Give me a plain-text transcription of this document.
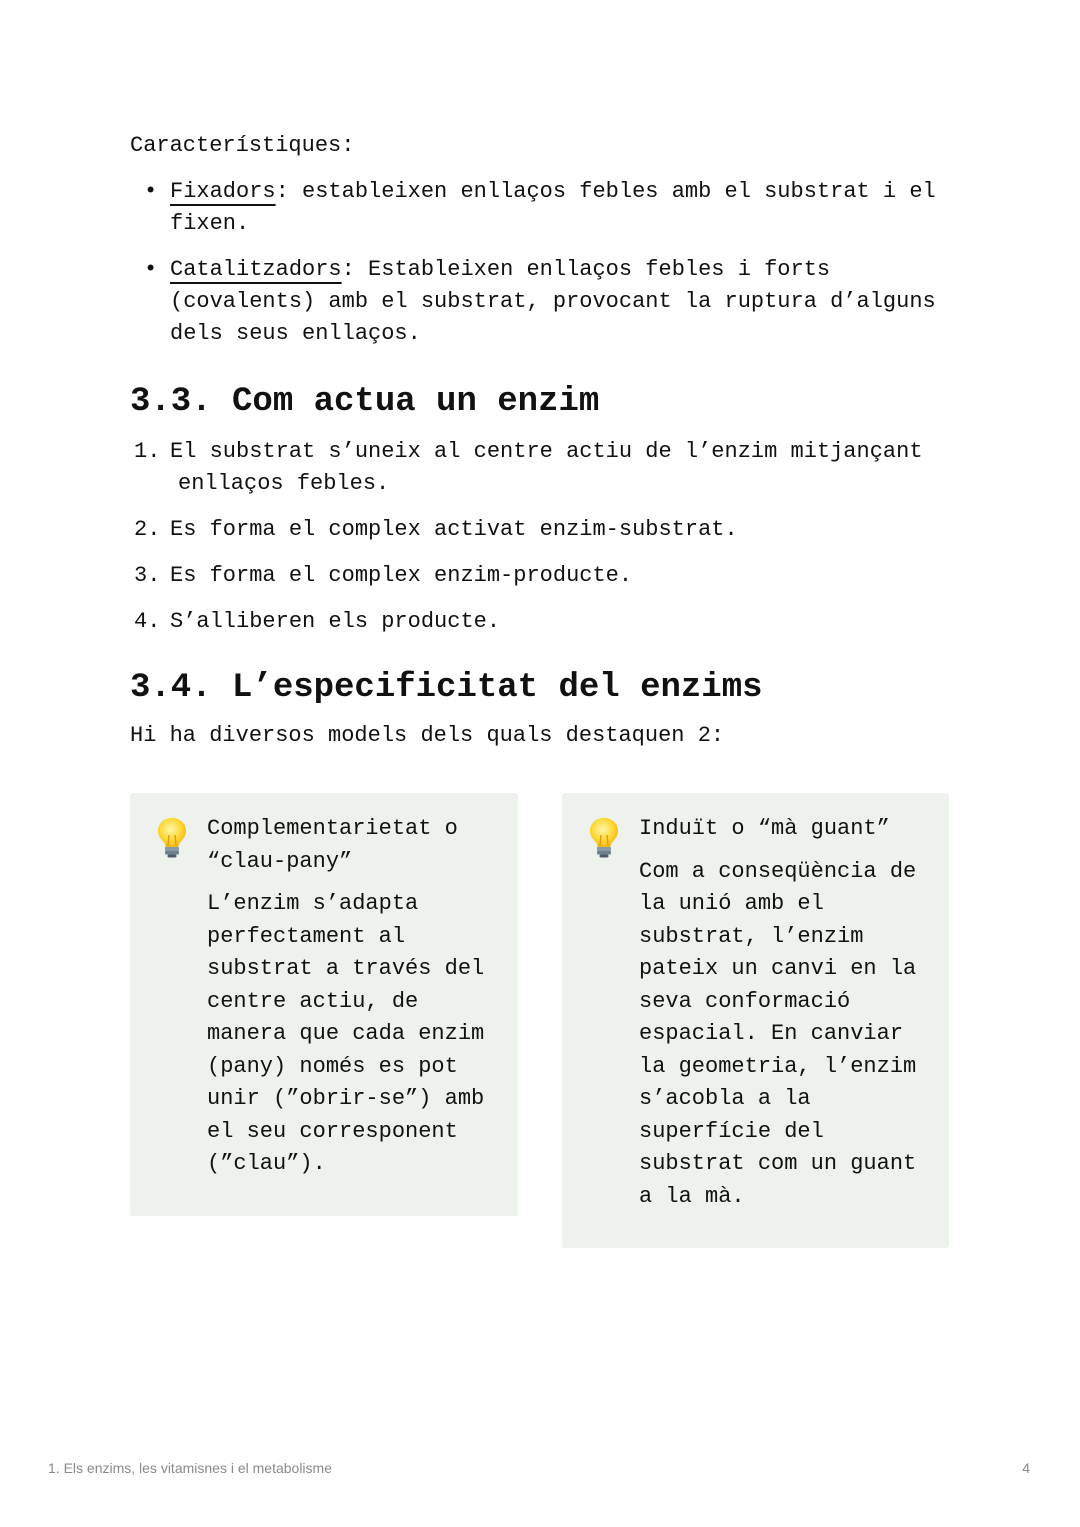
Característiques:

• Fixadors: estableixen enllaços febles amb el substrat i el fixen.
• Catalitzadors: Estableixen enllaços febles i forts (covalents) amb el substrat, provocant la ruptura d’alguns dels seus enllaços.
3.3. Com actua un enzim
1. El substrat s’uneix al centre actiu de l’enzim mitjançant
enllaços febles.
2. Es forma el complex activat enzim-substrat.
3. Es forma el complex enzim-producte.
4. S’alliberen els producte.
3.4. L’especificitat del enzims

Hi ha diversos models dels quals destaquen 2:

Complementarietat o “clau-pany”

L’enzim s’adapta perfectament al substrat a través del centre actiu, de manera que cada enzim (pany) només es pot unir (”obrir-se”) amb el seu corresponent (”clau”).

Induït o “mà guant”

Com a conseqüència de la unió amb el substrat, l’enzim pateix un canvi en la seva conformació espacial. En canviar la geometria, l’enzim s’acobla a la superfície del substrat com un guant a la mà.

1. Els enzims, les vitamisnes i el metabolisme	4
